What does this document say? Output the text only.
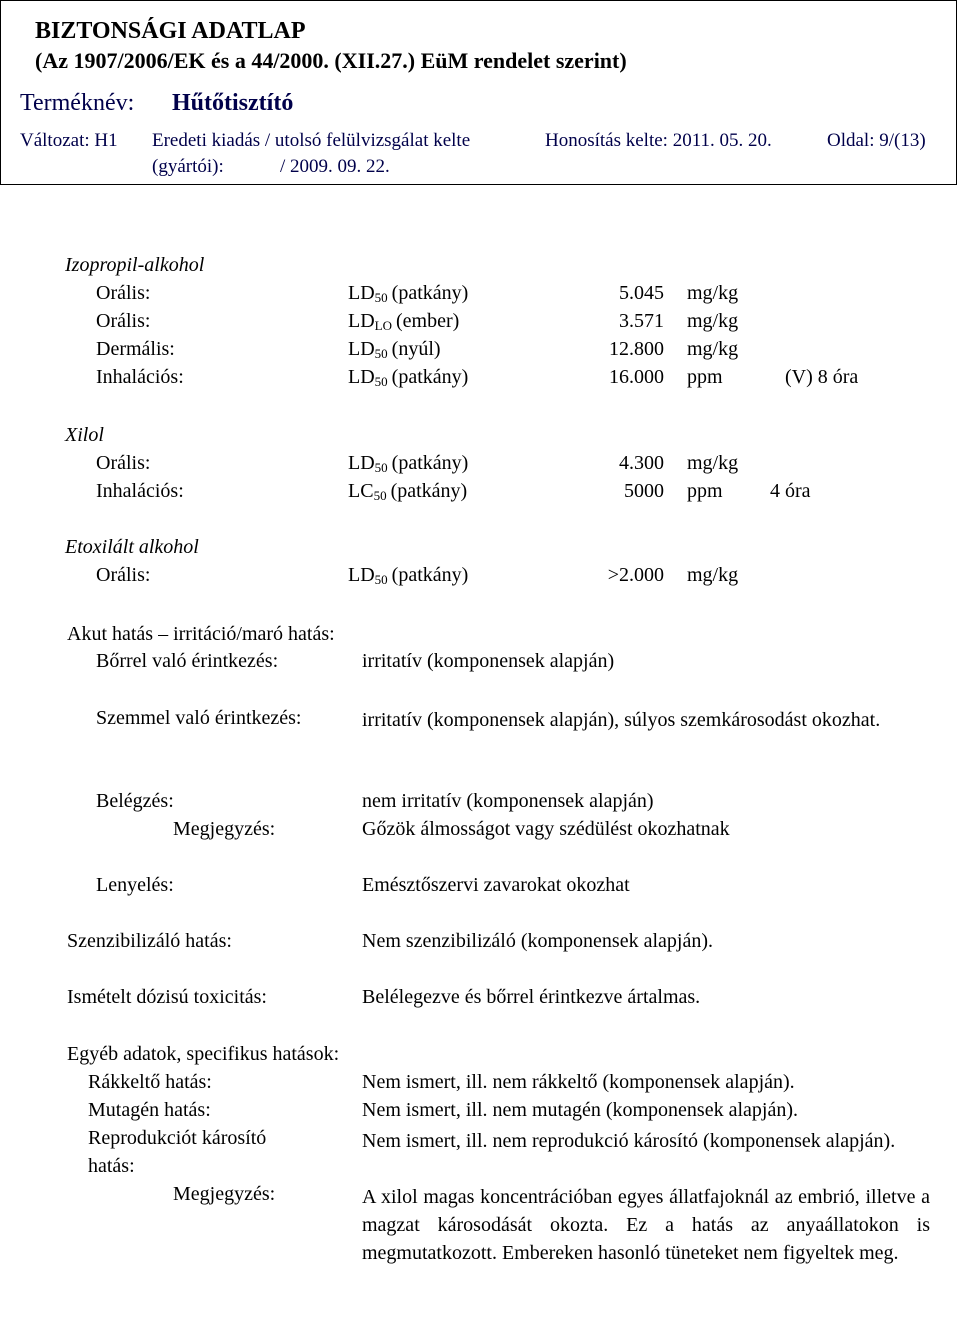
BIZTONSÁGI ADATLAP
(Az 1907/2006/EK és a 44/2000. (XII.27.) EüM rendelet szerint)
Terméknév: Hűtőtisztító
Változat: H1 Eredeti kiadás / utolsó felülvizsgálat kelte
(gyártói):	/ 2009. 09. 22.
Honosítás kelte: 2011. 05. 20.	Oldal: 9/(13)
Izopropil-alkohol
Orális:	$LD_{50}$ (patkány)	5.045 mg/kg
Orális:	$LD_{LO}$ (ember)	3.571 mg/kg
Dermális:	$LD_{50}$ (nyúl)	12.800 mg/kg
Inhalációs:	$LD_{50}$ (patkány)	16.000 ppm	(V) 8 óra
Xilol
Orális:	$LD_{50}$ (patkány)	4.300 mg/kg
Inhalációs:	$LC_{50}$ (patkány)	5000 ppm 4 óra
Etoxilált alkohol
Orális:	$LD_{50}$ (patkány)	>2.000 mg/kg
Akut hatás – irritáció/maró hatás:
Bőrrel való érintkezés:	irritatív (komponensek alapján)
Szemmel való érintkezés:	irritatív (komponensek alapján), súlyos szemkárosodást okozhat.
Belégzés:	nem irritatív (komponensek alapján)
Megjegyzés:	Gőzök álmosságot vagy szédülést okozhatnak
Lenyelés:	Emésztőszervi zavarokat okozhat
Szenzibilizáló hatás:	Nem szenzibilizáló (komponensek alapján).
Ismételt dózisú toxicitás:	Belélegezve és bőrrel érintkezve ártalmas.
Egyéb adatok, specifikus hatások:
Rákkeltő hatás:	Nem ismert, ill. nem rákkeltő (komponensek alapján).
Mutagén hatás:	Nem ismert, ill. nem mutagén (komponensek alapján).
Reprodukciót károsító
hatás:
Nem ismert, ill. nem reprodukció károsító (komponensek alapján).
Megjegyzés:	A xilol magas koncentrációban egyes állatfajoknál az embrió, illetve a magzat károsodását okozta. Ez a hatás az anyaállatokon is megmutatkozott. Embereken hasonló tüneteket nem figyeltek meg.
